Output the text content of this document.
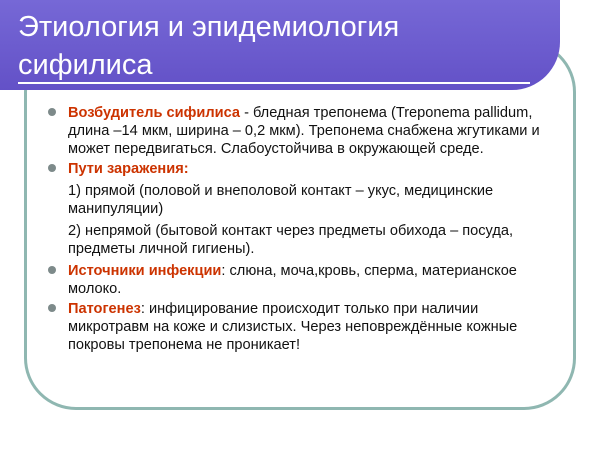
Этиология и эпидемиология сифилиса
Возбудитель сифилиса - бледная трепонема (Treponema pallidum, длина –14 мкм, ширина – 0,2 мкм). Трепонема снабжена жгутиками и может передвигаться. Слабоустойчива в окружающей среде.
Пути заражения:
1) прямой (половой и внеполовой контакт – укус, медицинские манипуляции)
2) непрямой (бытовой контакт через предметы обихода – посуда, предметы личной гигиены).
Источники инфекции: слюна, моча,кровь, сперма, материанское молоко.
Патогенез: инфицирование происходит только при наличии микротравм на коже и слизистых. Через неповреждённые кожные покровы трепонема не проникает!
